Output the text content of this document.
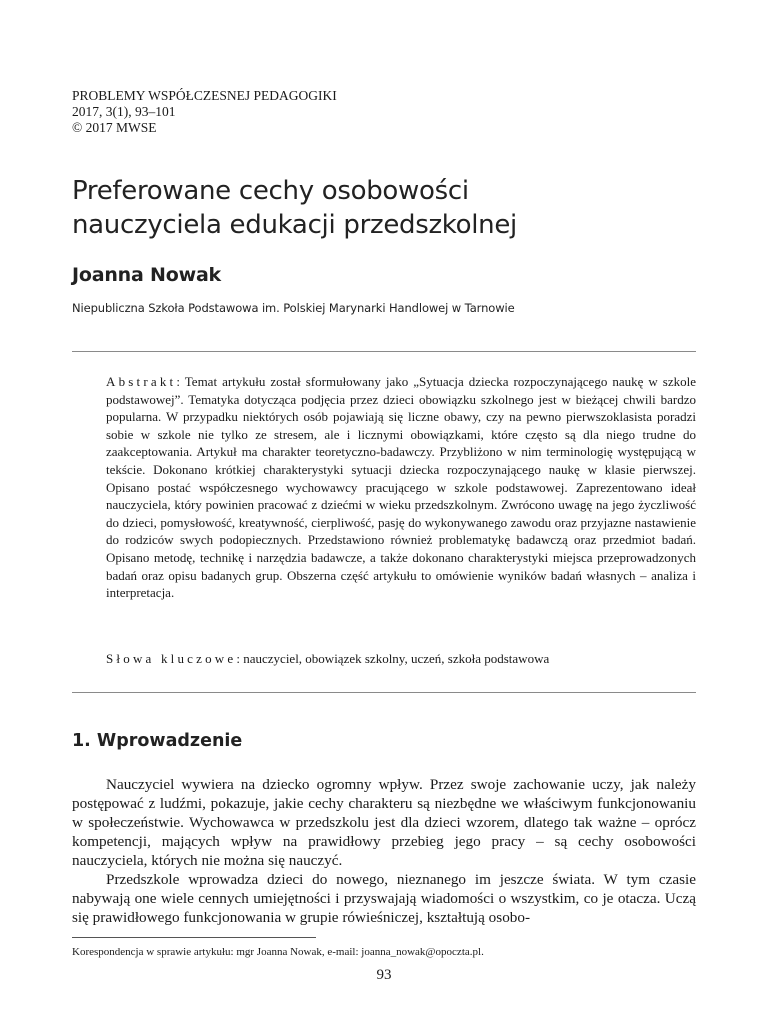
PROBLEMY WSPÓŁCZESNEJ PEDAGOGIKI
2017, 3(1), 93–101
© 2017 MWSE
Preferowane cechy osobowości
nauczyciela edukacji przedszkolnej
Joanna Nowak
Niepubliczna Szkoła Podstawowa im. Polskiej Marynarki Handlowej w Tarnowie

Abstrakt: Temat artykułu został sformułowany jako „Sytuacja dziecka rozpoczynającego naukę w szkole podstawowej”. Tematyka dotycząca podjęcia przez dzieci obowiązku szkolnego jest w bieżącej chwili bardzo popularna. W przypadku niektórych osób pojawiają się liczne obawy, czy na pewno pierwszoklasista poradzi sobie w szkole nie tylko ze stresem, ale i licznymi obowiązkami, które często są dla niego trudne do zaakceptowania. Artykuł ma charakter teoretyczno-badawczy. Przybliżono w nim terminologię występującą w tekście. Dokonano krótkiej charakterystyki sytuacji dziecka rozpoczynającego naukę w klasie pierwszej. Opisano postać współczesnego wychowawcy pracującego w szkole podstawowej. Zaprezentowano ideał nauczyciela, który powinien pracować z dziećmi w wieku przedszkolnym. Zwrócono uwagę na jego życzliwość do dzieci, pomysłowość, kreatywność, cierpliwość, pasję do wykonywanego zawodu oraz przyjazne nastawienie do rodziców swych podopiecznych. Przedstawiono również problematykę badawczą oraz przedmiot badań. Opisano metodę, technikę i narzędzia badawcze, a także dokonano charakterystyki miejsca przeprowadzonych badań oraz opisu badanych grup. Obszerna część artykułu to omówienie wyników badań własnych – analiza i interpretacja.

Słowa kluczowe: nauczyciel, obowiązek szkolny, uczeń, szkoła podstawowa

1. Wprowadzenie

Nauczyciel wywiera na dziecko ogromny wpływ. Przez swoje zachowanie uczy, jak należy postępować z ludźmi, pokazuje, jakie cechy charakteru są niezbędne we właściwym funkcjonowaniu w społeczeństwie. Wychowawca w przedszkolu jest dla dzieci wzorem, dlatego tak ważne – oprócz kompetencji, mających wpływ na prawidłowy przebieg jego pracy – są cechy osobowości nauczyciela, których nie można się nauczyć.

Przedszkole wprowadza dzieci do nowego, nieznanego im jeszcze świata. W tym czasie nabywają one wiele cennych umiejętności i przyswajają wiadomości o wszystkim, co je otacza. Uczą się prawidłowego funkcjonowania w grupie rówieśniczej, kształtują osobo-

Korespondencja w sprawie artykułu: mgr Joanna Nowak, e-mail: joanna_nowak@opoczta.pl.
93
